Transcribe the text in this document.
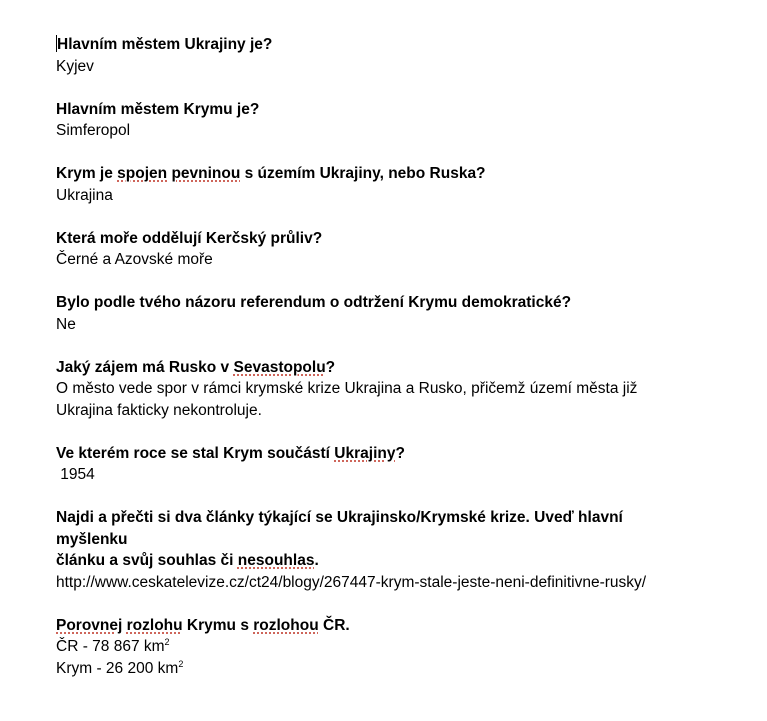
Hlavním městem Ukrajiny je?
Kyjev
Hlavním městem Krymu je?
Simferopol
Krym je spojen pevninou s územím Ukrajiny, nebo Ruska?
Ukrajina
Která moře oddělují Kerčský průliv?
Černé a Azovské moře
Bylo podle tvého názoru referendum o odtržení Krymu demokratické?
Ne
Jaký zájem má Rusko v Sevastopolu?
O město vede spor v rámci krymské krize Ukrajina a Rusko, přičemž území města již
Ukrajina fakticky nekontroluje.
Ve kterém roce se stal Krym součástí Ukrajiny?
1954
Najdi a přečti si dva články týkající se Ukrajinsko/Krymské krize. Uveď hlavní
myšlenku
článku a svůj souhlas či nesouhlas.
http://www.ceskatelevize.cz/ct24/blogy/267447-krym-stale-jeste-neni-definitivne-rusky/
Porovnej rozlohu Krymu s rozlohou ČR.
ČR - 78 867 $km^2$
Krym - 26 200 $km^2$
